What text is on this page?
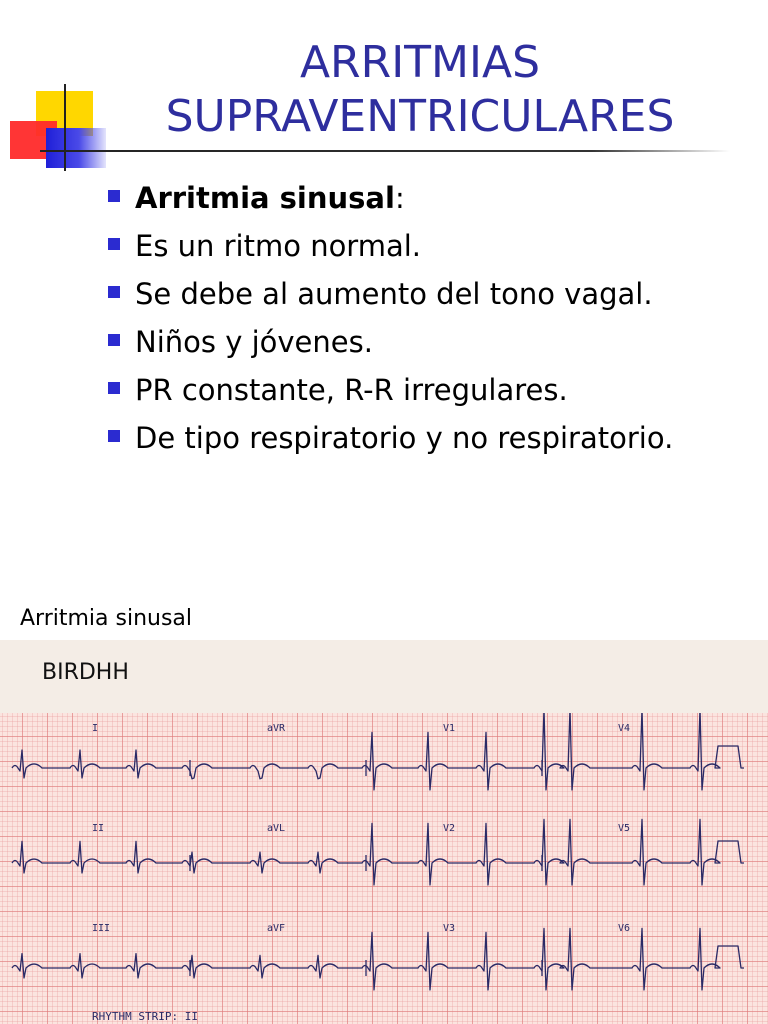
ARRITMIAS
SUPRAVENTRICULARES
Arritmia sinusal:
Es un ritmo normal.
Se debe al aumento del tono vagal.
Niños y jóvenes.
PR constante, R-R irregulares.
De tipo respiratorio y no respiratorio.
Arritmia sinusal
BIRDHH
I	aVR	V1	V4
II	aVL	V2	V5
III	aVF	V3	V6
RHYTHM STRIP: II
